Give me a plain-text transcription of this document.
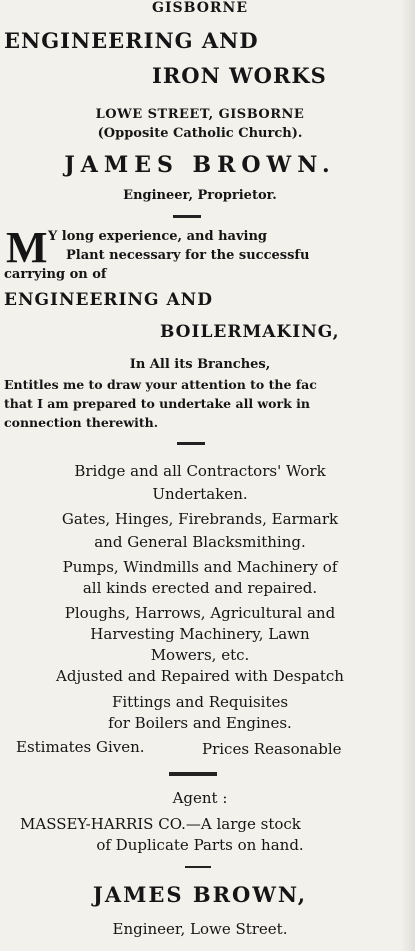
GISBORNE
ENGINEERING AND
IRON WORKS
LOWE STREET, GISBORNE
(Opposite Catholic Church).
JAMES BROWN.
Engineer, Proprietor.
M Y long experience, and having
Plant necessary for the successfu
carrying on of
ENGINEERING AND
BOILERMAKING,
In All its Branches,
Entitles me to draw your attention to the fac
that I am prepared to undertake all work in
connection therewith.
Bridge and all Contractors' Work
Undertaken.
Gates, Hinges, Firebrands, Earmark
and General Blacksmithing.
Pumps, Windmills and Machinery of
all kinds erected and repaired.
Ploughs, Harrows, Agricultural and
Harvesting Machinery, Lawn
Mowers, etc.
Adjusted and Repaired with Despatch
Fittings and Requisites
for Boilers and Engines.
Estimates Given.	Prices Reasonable
Agent :
MASSEY-HARRIS CO.—A large stock
of Duplicate Parts on hand.
JAMES BROWN,
Engineer, Lowe Street.
